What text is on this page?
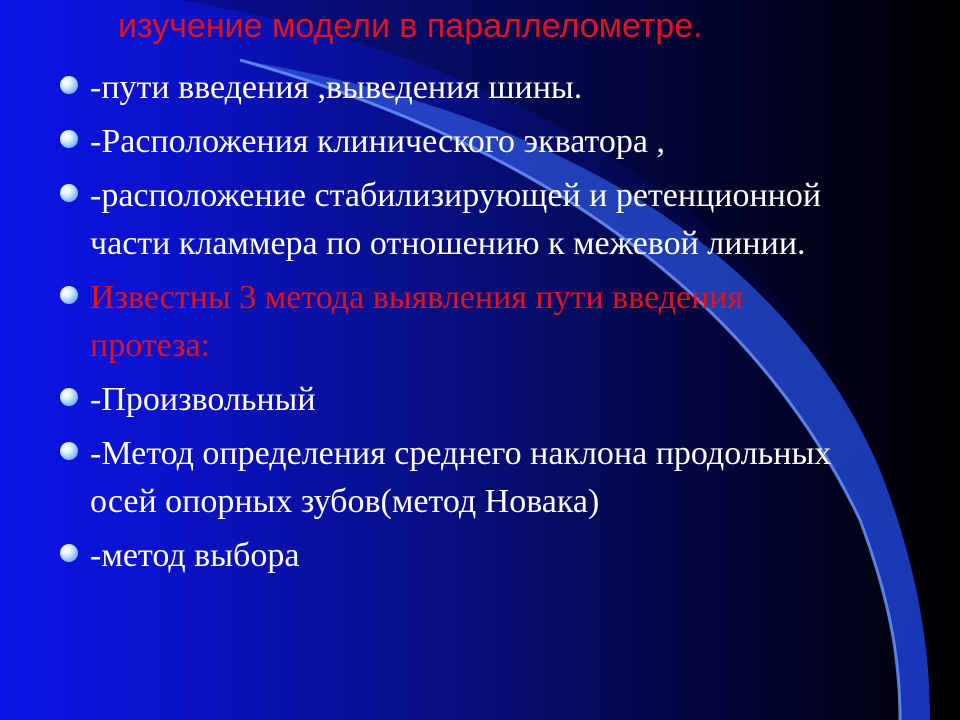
изучение модели в параллелометре.
-пути введения ,выведения шины.
-Расположения клинического экватора ,
-расположение стабилизирующей и ретенционной части кламмера по отношению к межевой линии.
Известны 3 метода выявления пути введения протеза:
-Произвольный
-Метод определения среднего наклона продольных осей опорных зубов(метод Новака)
-метод выбора
